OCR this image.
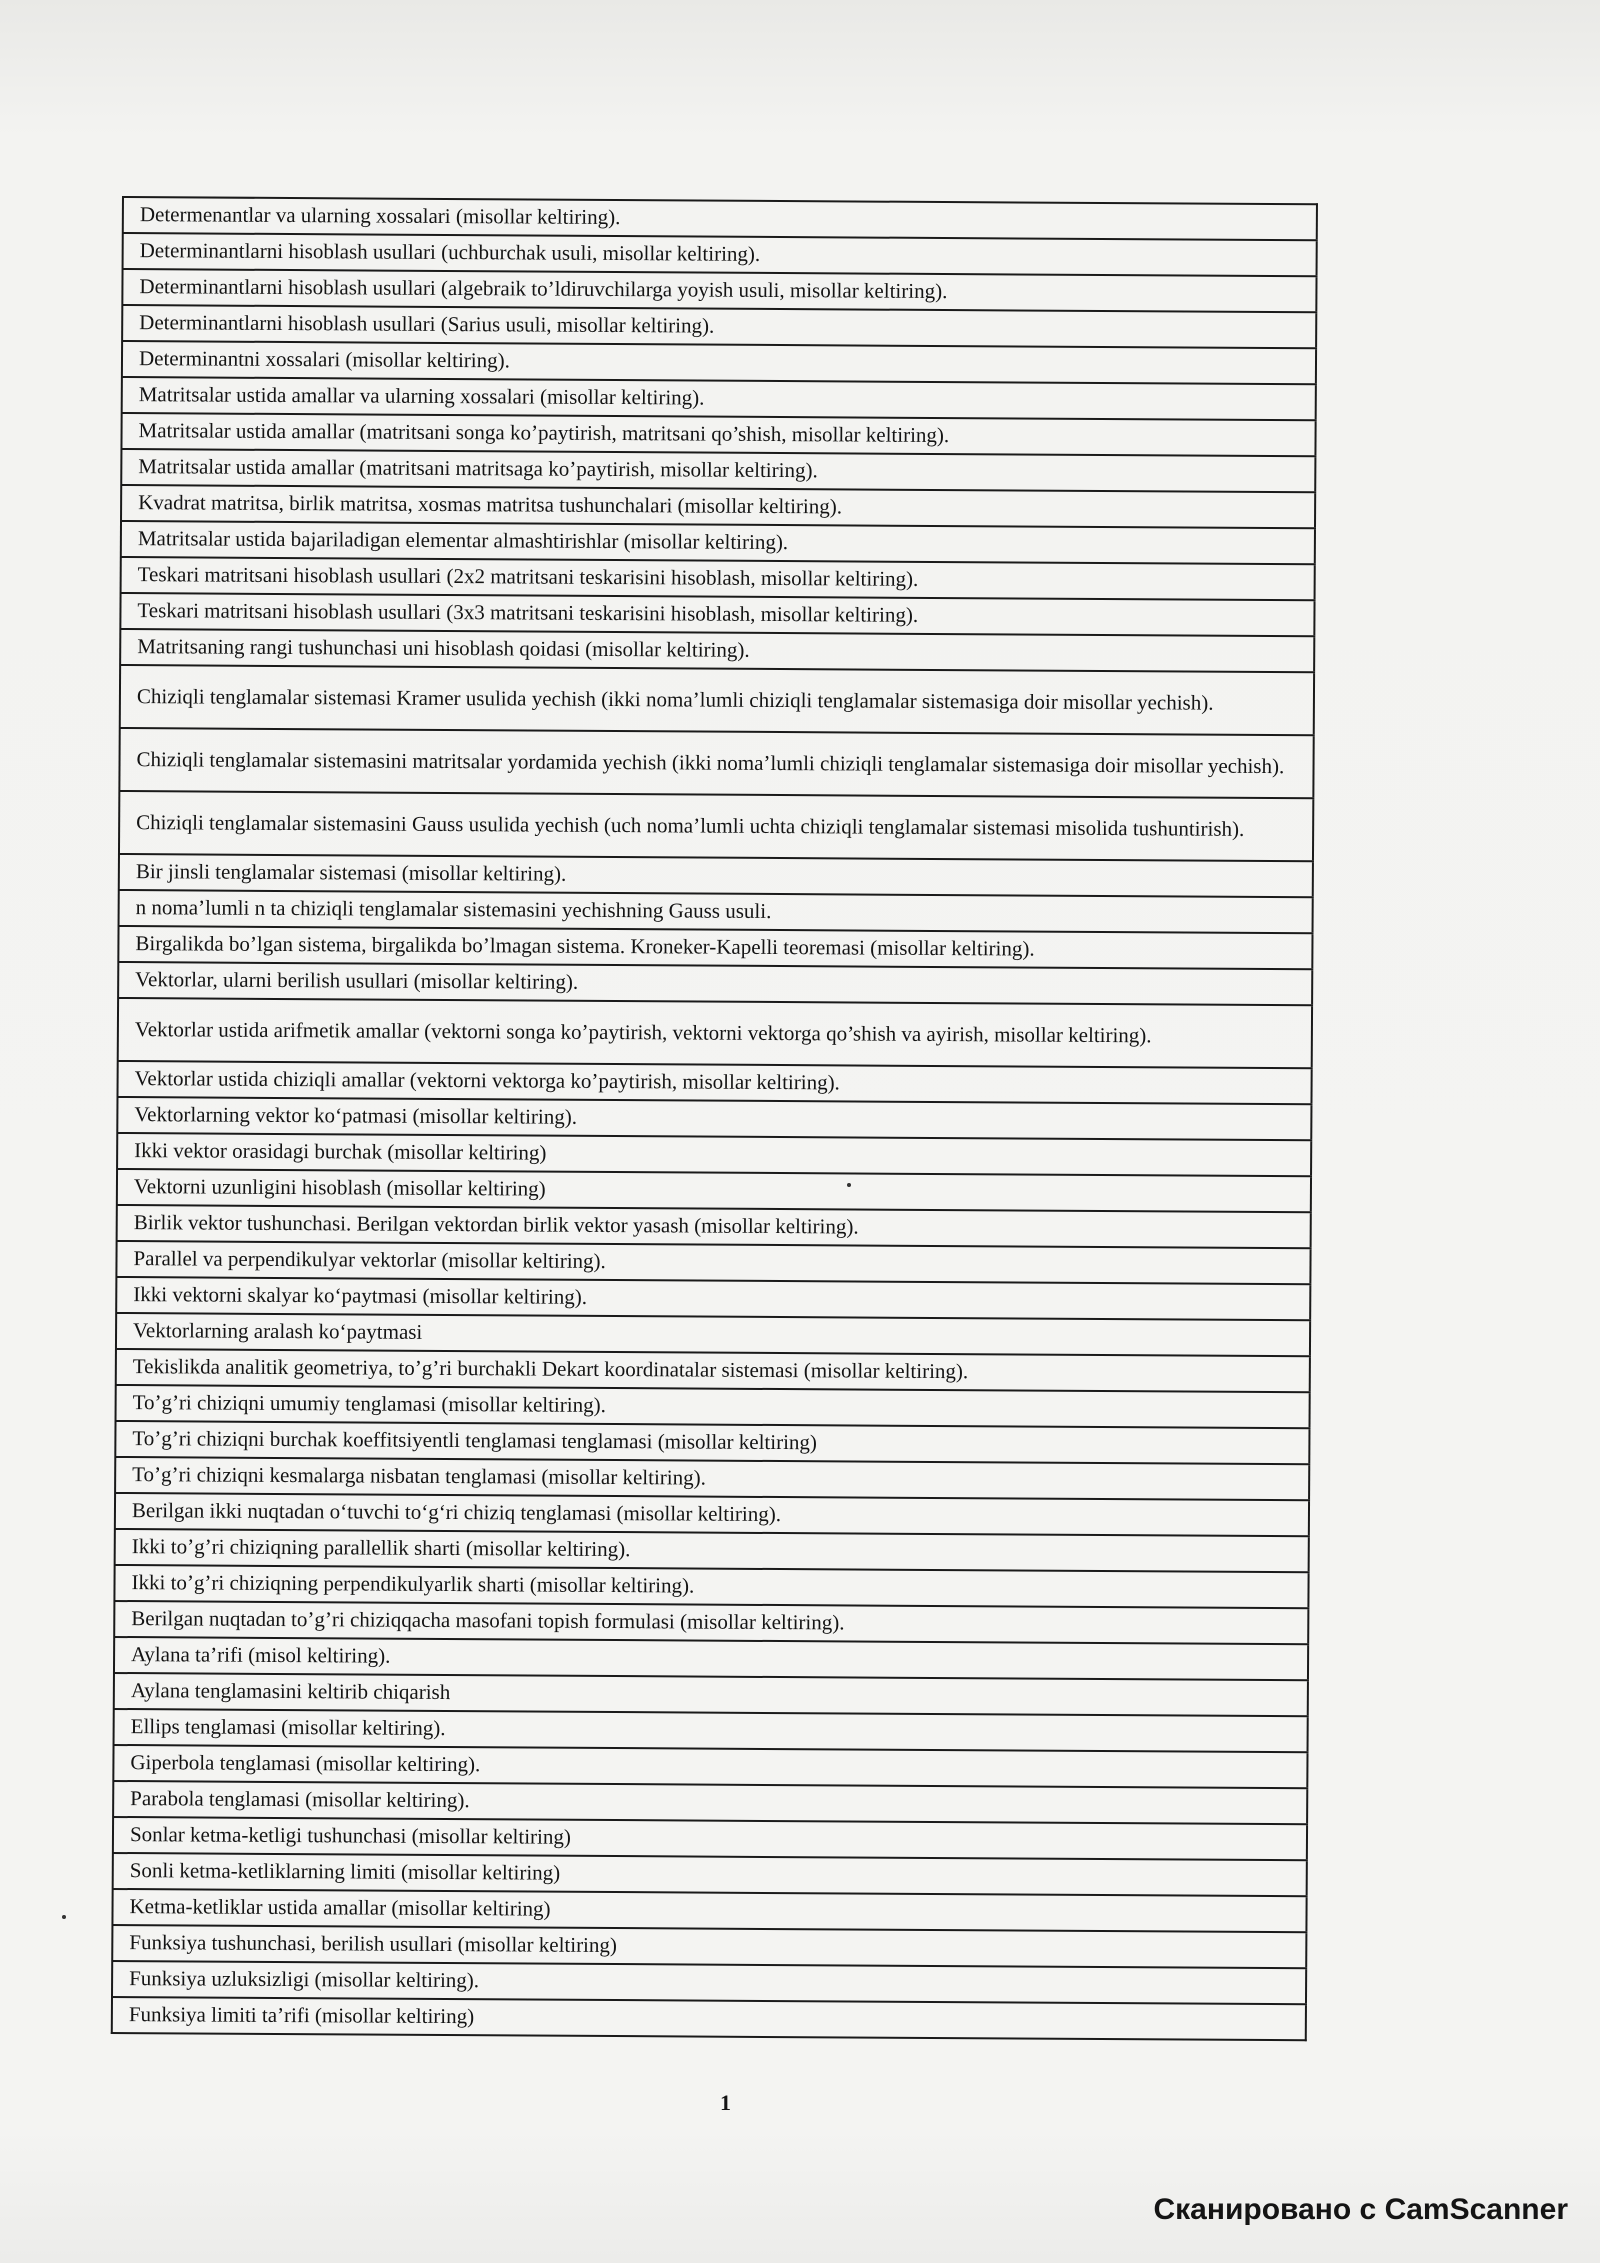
Determenantlar va ularning xossalari (misollar keltiring).
Determinantlarni hisoblash usullari (uchburchak usuli, misollar keltiring).
Determinantlarni hisoblash usullari (algebraik to’ldiruvchilarga yoyish usuli, misollar keltiring).
Determinantlarni hisoblash usullari (Sarius usuli, misollar keltiring).
Determinantni xossalari (misollar keltiring).
Matritsalar ustida amallar va ularning xossalari (misollar keltiring).
Matritsalar ustida amallar (matritsani songa ko’paytirish, matritsani qo’shish, misollar keltiring).
Matritsalar ustida amallar (matritsani matritsaga ko’paytirish, misollar keltiring).
Kvadrat matritsa, birlik matritsa, xosmas matritsa tushunchalari (misollar keltiring).
Matritsalar ustida bajariladigan elementar almashtirishlar (misollar keltiring).
Teskari matritsani hisoblash usullari (2x2 matritsani teskarisini hisoblash, misollar keltiring).
Teskari matritsani hisoblash usullari (3x3 matritsani teskarisini hisoblash, misollar keltiring).
Matritsaning rangi tushunchasi uni hisoblash qoidasi (misollar keltiring).
Chiziqli tenglamalar sistemasi Kramer usulida yechish (ikki noma’lumli chiziqli tenglamalar sistemasiga doir misollar yechish).
Chiziqli tenglamalar sistemasini matritsalar yordamida yechish (ikki noma’lumli chiziqli tenglamalar sistemasiga doir misollar yechish).
Chiziqli tenglamalar sistemasini Gauss usulida yechish (uch noma’lumli uchta chiziqli tenglamalar sistemasi misolida tushuntirish).
Bir jinsli tenglamalar sistemasi (misollar keltiring).
n noma’lumli n ta chiziqli tenglamalar sistemasini yechishning Gauss usuli.
Birgalikda bo’lgan sistema, birgalikda bo’lmagan sistema. Kroneker-Kapelli teoremasi (misollar keltiring).
Vektorlar, ularni berilish usullari (misollar keltiring).
Vektorlar ustida arifmetik amallar (vektorni songa ko’paytirish, vektorni vektorga qo’shish va ayirish, misollar keltiring).
Vektorlar ustida chiziqli amallar (vektorni vektorga ko’paytirish, misollar keltiring).
Vektorlarning vektor ko‘patmasi (misollar keltiring).
Ikki vektor orasidagi burchak (misollar keltiring)
Vektorni uzunligini hisoblash (misollar keltiring)
Birlik vektor tushunchasi. Berilgan vektordan birlik vektor yasash (misollar keltiring).
Parallel va perpendikulyar vektorlar (misollar keltiring).
Ikki vektorni skalyar ko‘paytmasi (misollar keltiring).
Vektorlarning aralash ko‘paytmasi
Tekislikda analitik geometriya, to’g’ri burchakli Dekart koordinatalar sistemasi (misollar keltiring).
To’g’ri chiziqni umumiy tenglamasi (misollar keltiring).
To’g’ri chiziqni burchak koeffitsiyentli tenglamasi tenglamasi (misollar keltiring)
To’g’ri chiziqni kesmalarga nisbatan tenglamasi (misollar keltiring).
Berilgan ikki nuqtadan o‘tuvchi to‘g‘ri chiziq tenglamasi (misollar keltiring).
Ikki to’g’ri chiziqning parallellik sharti (misollar keltiring).
Ikki to’g’ri chiziqning perpendikulyarlik sharti (misollar keltiring).
Berilgan nuqtadan to’g’ri chiziqqacha masofani topish formulasi (misollar keltiring).
Aylana ta’rifi (misol keltiring).
Aylana tenglamasini keltirib chiqarish
Ellips tenglamasi (misollar keltiring).
Giperbola tenglamasi (misollar keltiring).
Parabola tenglamasi (misollar keltiring).
Sonlar ketma-ketligi tushunchasi (misollar keltiring)
Sonli ketma-ketliklarning limiti (misollar keltiring)
Ketma-ketliklar ustida amallar (misollar keltiring)
Funksiya tushunchasi, berilish usullari (misollar keltiring)
Funksiya uzluksizligi (misollar keltiring).
Funksiya limiti ta’rifi (misollar keltiring)
1
Сканировано с CamScanner
